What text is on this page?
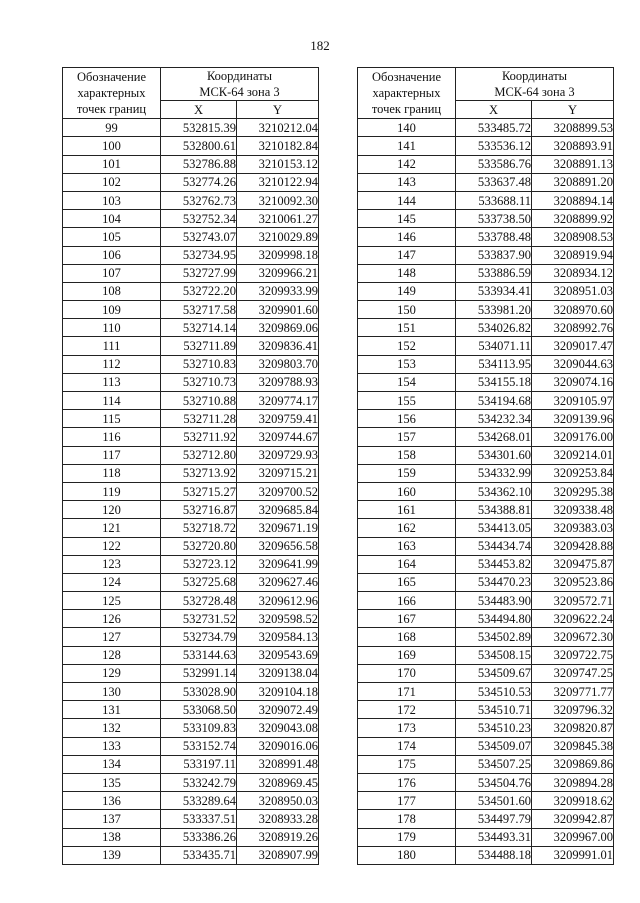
182
Обозначение
характерных
точек границ	Координаты
МСК-64 зона 3	

	X	Y
99	532815.39	3210212.04
100	532800.61	3210182.84
101	532786.88	3210153.12
102	532774.26	3210122.94
103	532762.73	3210092.30
104	532752.34	3210061.27
105	532743.07	3210029.89
106	532734.95	3209998.18
107	532727.99	3209966.21
108	532722.20	3209933.99
109	532717.58	3209901.60
110	532714.14	3209869.06
111	532711.89	3209836.41
112	532710.83	3209803.70
113	532710.73	3209788.93
114	532710.88	3209774.17
115	532711.28	3209759.41
116	532711.92	3209744.67
117	532712.80	3209729.93
118	532713.92	3209715.21
119	532715.27	3209700.52
120	532716.87	3209685.84
121	532718.72	3209671.19
122	532720.80	3209656.58
123	532723.12	3209641.99
124	532725.68	3209627.46
125	532728.48	3209612.96
126	532731.52	3209598.52
127	532734.79	3209584.13
128	533144.63	3209543.69
129	532991.14	3209138.04
130	533028.90	3209104.18
131	533068.50	3209072.49
132	533109.83	3209043.08
133	533152.74	3209016.06
134	533197.11	3208991.48
135	533242.79	3208969.45
136	533289.64	3208950.03
137	533337.51	3208933.28
138	533386.26	3208919.26
139	533435.71	3208907.99
Обозначение
характерных
точек границ	Координаты
МСК-64 зона 3	

	X	Y
140	533485.72	3208899.53
141	533536.12	3208893.91
142	533586.76	3208891.13
143	533637.48	3208891.20
144	533688.11	3208894.14
145	533738.50	3208899.92
146	533788.48	3208908.53
147	533837.90	3208919.94
148	533886.59	3208934.12
149	533934.41	3208951.03
150	533981.20	3208970.60
151	534026.82	3208992.76
152	534071.11	3209017.47
153	534113.95	3209044.63
154	534155.18	3209074.16
155	534194.68	3209105.97
156	534232.34	3209139.96
157	534268.01	3209176.00
158	534301.60	3209214.01
159	534332.99	3209253.84
160	534362.10	3209295.38
161	534388.81	3209338.48
162	534413.05	3209383.03
163	534434.74	3209428.88
164	534453.82	3209475.87
165	534470.23	3209523.86
166	534483.90	3209572.71
167	534494.80	3209622.24
168	534502.89	3209672.30
169	534508.15	3209722.75
170	534509.67	3209747.25
171	534510.53	3209771.77
172	534510.71	3209796.32
173	534510.23	3209820.87
174	534509.07	3209845.38
175	534507.25	3209869.86
176	534504.76	3209894.28
177	534501.60	3209918.62
178	534497.79	3209942.87
179	534493.31	3209967.00
180	534488.18	3209991.01
